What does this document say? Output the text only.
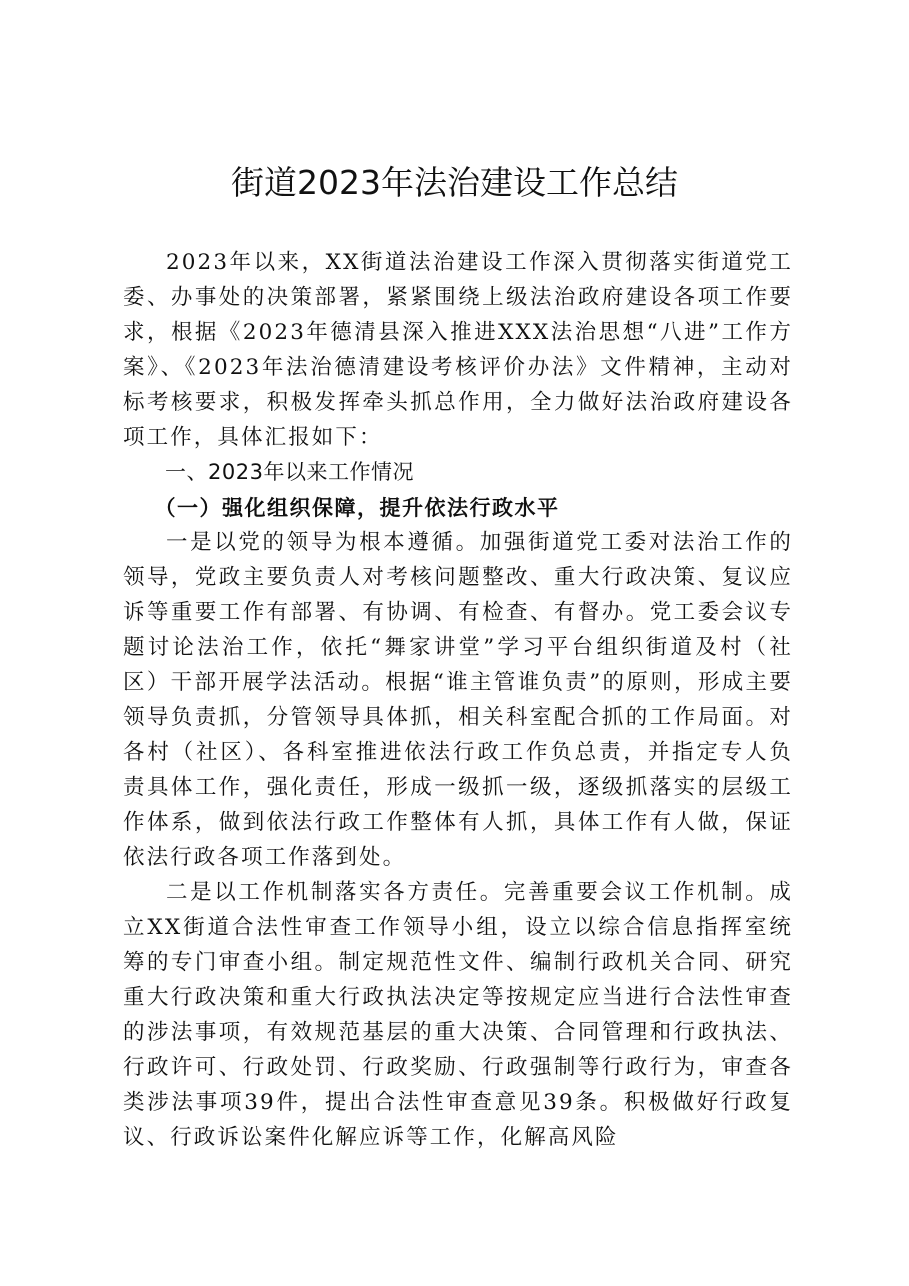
街道2023年法治建设工作总结

2023年以来，XX街道法治建设工作深入贯彻落实街道党工委、办事处的决策部署，紧紧围绕上级法治政府建设各项工作要求，根据《2023年德清县深入推进XXX法治思想“八进”工作方案》、《2023年法治德清建设考核评价办法》文件精神，主动对标考核要求，积极发挥牵头抓总作用，全力做好法治政府建设各项工作，具体汇报如下：

一、2023年以来工作情况

（一）强化组织保障，提升依法行政水平

一是以党的领导为根本遵循。加强街道党工委对法治工作的领导，党政主要负责人对考核问题整改、重大行政决策、复议应诉等重要工作有部署、有协调、有检查、有督办。党工委会议专题讨论法治工作，依托“舞家讲堂”学习平台组织街道及村（社区）干部开展学法活动。根据“谁主管谁负责”的原则，形成主要领导负责抓，分管领导具体抓，相关科室配合抓的工作局面。对各村（社区）、各科室推进依法行政工作负总责，并指定专人负责具体工作，强化责任，形成一级抓一级，逐级抓落实的层级工作体系，做到依法行政工作整体有人抓，具体工作有人做，保证依法行政各项工作落到处。

二是以工作机制落实各方责任。完善重要会议工作机制。成立XX街道合法性审查工作领导小组，设立以综合信息指挥室统筹的专门审查小组。制定规范性文件、编制行政机关合同、研究重大行政决策和重大行政执法决定等按规定应当进行合法性审查的涉法事项，有效规范基层的重大决策、合同管理和行政执法、行政许可、行政处罚、行政奖励、行政强制等行政行为，审查各类涉法事项39件，提出合法性审查意见39条。积极做好行政复议、行政诉讼案件化解应诉等工作，化解高风险
